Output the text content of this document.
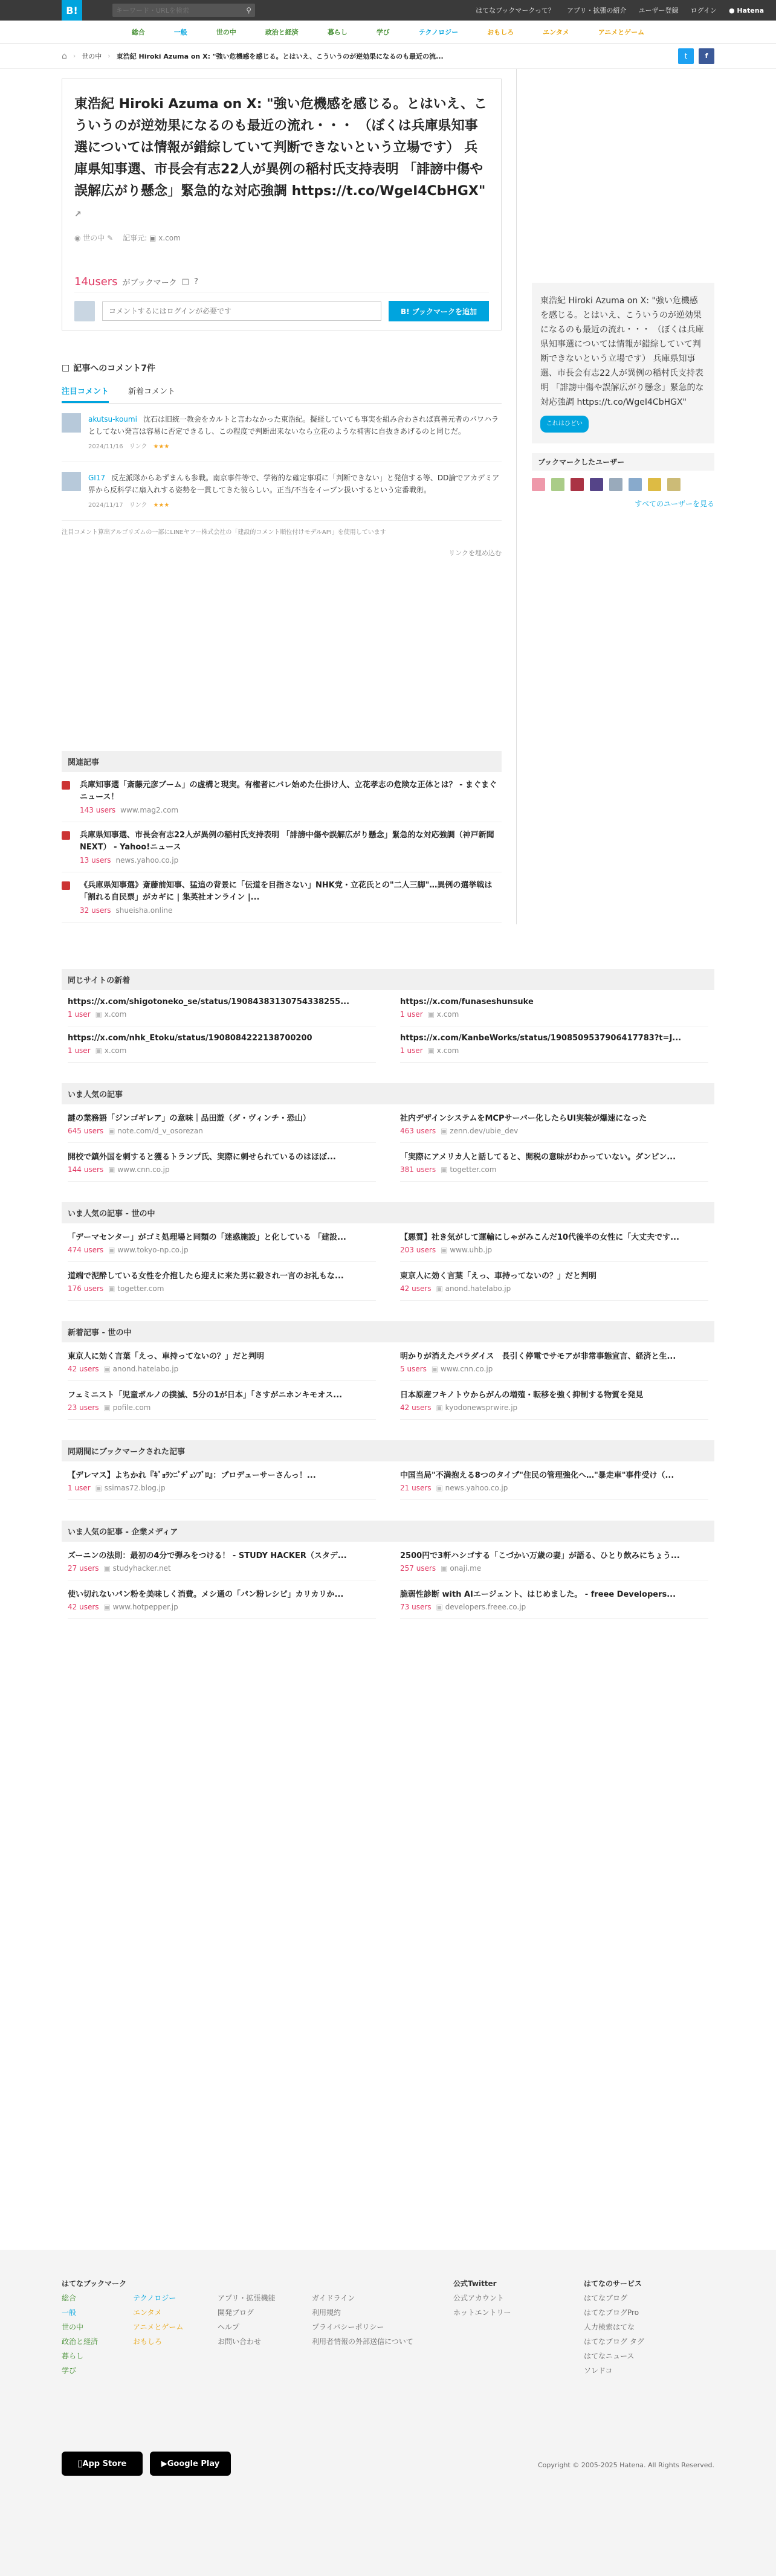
B!
キーワード・URLを検索	⚲	はてなブックマークって？ アプリ・拡張の紹介 ユーザー登録 ログイン ● Hatena
総合	一般	世の中	政治と経済	暮らし	学び	テクノロジー	おもしろ	エンタメ	アニメとゲーム
⌂ › 世の中 › 東浩紀 Hiroki Azuma on X: "強い危機感を感じる。とはいえ、こういうのが逆効果になるのも最近の流...	t	f
東浩紀 Hiroki Azuma on X: "強い危機感を感じる。とはいえ、こういうのが逆効果になるのも最近の流れ・・・ （ぼくは兵庫県知事選については情報が錯綜していて判断できないという立場です） 兵庫県知事選、市長会有志22人が異例の稲村氏支持表明 「誹謗中傷や誤解広がり懸念」緊急的な対応強調 https://t.co/WgeI4CbHGX" ↗
◉ 世の中 ✎ 記事元: ▣ x.com
14users がブックマーク □ ?
コメントするにはログインが必要です
B! ブックマークを追加
□ 記事へのコメント7件
注目コメント 新着コメント
akutsu-koumi 沈石は旧統一教会をカルトと言わなかった東浩紀。擬経していても事実を組み合わされば真善元者のパワハラとしてない発言は容易に否定できるし、この程度で判断出来ないなら立花のような補害に自抜きあげるのと同じだ。
2024/11/16 リンク ★★★
GI17 反左派隊からあずまんも参戦。南京事件等で、学術的な確定事項に「判断できない」と発信する等、DD論でアカデミア界から反科学に扇入れする姿勢を一貫してきた彼らしい。正当/不当をイーブン扱いするという定番戦術。
2024/11/17 リンク ★★★
注目コメント算出アルゴリズムの一部にLINEヤフー株式会社の「建設的コメント順位付けモデルAPI」を使用しています
リンクを埋め込む
関連記事
兵庫知事選「斎藤元彦ブーム」の虚構と現実。有権者にバレ始めた仕掛け人、立花孝志の危険な正体とは？ - まぐまぐニュース！
143 users www.mag2.com
兵庫県知事選、市長会有志22人が異例の稲村氏支持表明 「誹謗中傷や誤解広がり懸念」緊急的な対応強調（神戸新聞NEXT） - Yahoo!ニュース
13 users news.yahoo.co.jp
《兵庫県知事選》斎藤前知事、猛追の背景に「伝道を目指さない」NHK党・立花氏との"二人三脚"…異例の選挙戦は「割れる自民票」がカギに | 集英社オンライン |...
32 users shueisha.online
東浩紀 Hiroki Azuma on X: "強い危機感を感じる。とはいえ、こういうのが逆効果になるのも最近の流れ・・・ （ぼくは兵庫県知事選については情報が錯綜していて判断できないという立場です） 兵庫県知事選、市長会有志22人が異例の稲村氏支持表明 「誹謗中傷や誤解広がり懸念」緊急的な対応強調 https://t.co/WgeI4CbHGX"
これはひどい
ブックマークしたユーザー
すべてのユーザーを見る
同じサイトの新着
https://x.com/shigotoneko_se/status/19084383130754338255...
1 user ▣ x.com
https://x.com/funaseshunsuke
1 user ▣ x.com
https://x.com/nhk_Etoku/status/1908084222138700200
1 user ▣ x.com
https://x.com/KanbeWorks/status/1908509537906417783?t=J...
1 user ▣ x.com
いま人気の記事
謎の業務語「ジンゴギレア」の意味｜品田遊（ダ・ヴィンチ・恐山）
645 users ▣ note.com/d_v_osorezan
社内デザインシステムをMCPサーバー化したらUI実装が爆速になった
463 users ▣ zenn.dev/ubie_dev
開校で鎮外国を刺すると獲るトランプ氏、実際に刺せられているのはほぼ...
144 users ▣ www.cnn.co.jp
「実際にアメリカ人と話してると、開税の意味がわかっていない。ダンピン...
381 users ▣ togetter.com
いま人気の記事 - 世の中
「デーマセンター」がゴミ処理場と同類の「迷惑施設」と化している 「建設...
474 users ▣ www.tokyo-np.co.jp
【悪質】社き気がして運輸にしゃがみこんだ10代後半の女性に「大丈夫です...
203 users ▣ www.uhb.jp
道端で泥酔している女性を介抱したら迎えに来た男に殺され一言のお礼もな...
176 users ▣ togetter.com
東京人に効く言葉「えっ、車持ってないの？」だと判明
42 users ▣ anond.hatelabo.jp
新着記事 - 世の中
東京人に効く言葉「えっ、車持ってないの？」だと判明
42 users ▣ anond.hatelabo.jp
明かりが消えたパラダイス　長引く停電でサモアが非常事態宣言、経済と生...
5 users ▣ www.cnn.co.jp
フェミニスト「児童ポルノの撲滅、5分の1が日本」「さすがニホンキモオス...
23 users ▣ pofile.com
日本原産フキノトウからがんの増殖・転移を強く抑制する物質を発見
42 users ▣ kyodonewsprwire.jp
同期間にブックマークされた記事
【デレマス】よちかれ『ｷﾞｮﾗﾝﾆﾞﾁﾞｪﾝﾌﾞﾛ』：プロデューサーさんっ！...
1 user ▣ ssimas72.blog.jp
中国当局"不満抱える8つのタイプ"住民の管理強化へ…"暴走車"事件受け（...
21 users ▣ news.yahoo.co.jp
いま人気の記事 - 企業メディア
ズーニンの法則：最初の4分で弾みをつける！ - STUDY HACKER（スタデ...
27 users ▣ studyhacker.net
2500円で3軒ハシゴする「こづかい万歳の妻」が語る、ひとり飲みにちょう...
257 users ▣ onaji.me
使い切れないパン粉を美味しく消費。メシ通の「パン粉レシピ」カリカリか...
42 users ▣ www.hotpepper.jp
脆弱性診断 with AIエージェント、はじめました。 - freee Developers...
73 users ▣ developers.freee.co.jp
はてなブックマーク
総合
一般
世の中
政治と経済
暮らし
学び
テクノロジー
エンタメ
アニメとゲーム
おもしろ
アプリ・拡張機能
開発ブログ
ヘルプ
お問い合わせ
ガイドライン
利用規約
プライバシーポリシー
利用者情報の外部送信について
公式Twitter
公式アカウント
ホットエントリー
はてなのサービス
はてなブログ
はてなブログPro
人力検索はてな
はてなブログ タグ
はてなニュース
ソレドコ
App Store	▶ Google Play	Copyright © 2005-2025 Hatena. All Rights Reserved.
